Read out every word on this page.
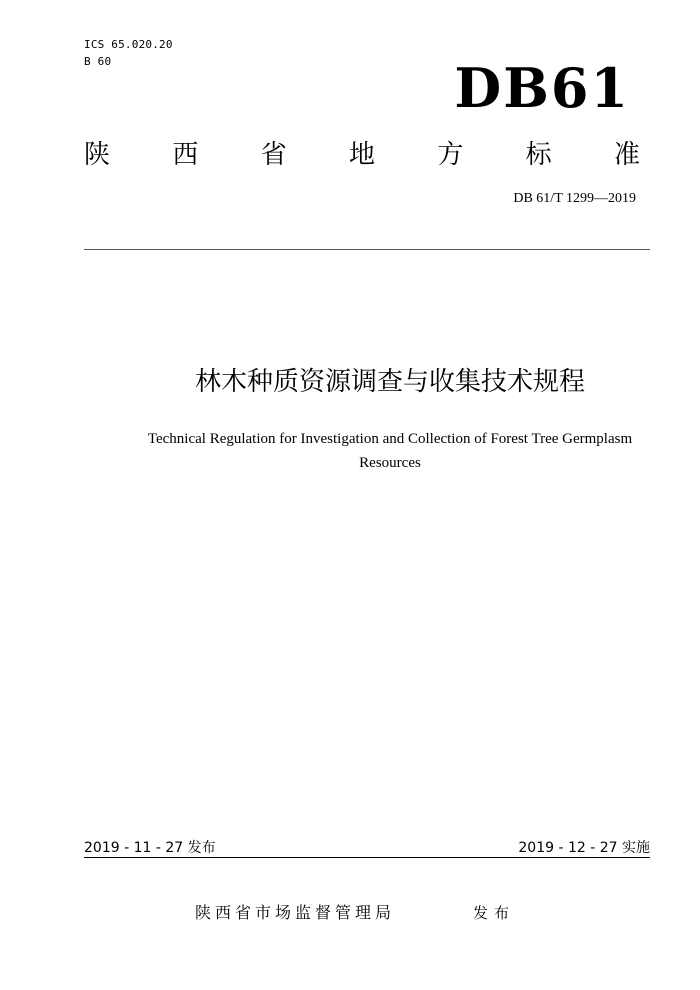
ICS 65.020.20
B 60	DB61
陕 西 省 地 方 标 准
DB 61/T 1299—2019
林木种质资源调查与收集技术规程
Technical Regulation for Investigation and Collection of Forest Tree Germplasm
Resources
2019 - 11 - 27 发布	2019 - 12 - 27 实施
陕西省市场监督管理局	发布
